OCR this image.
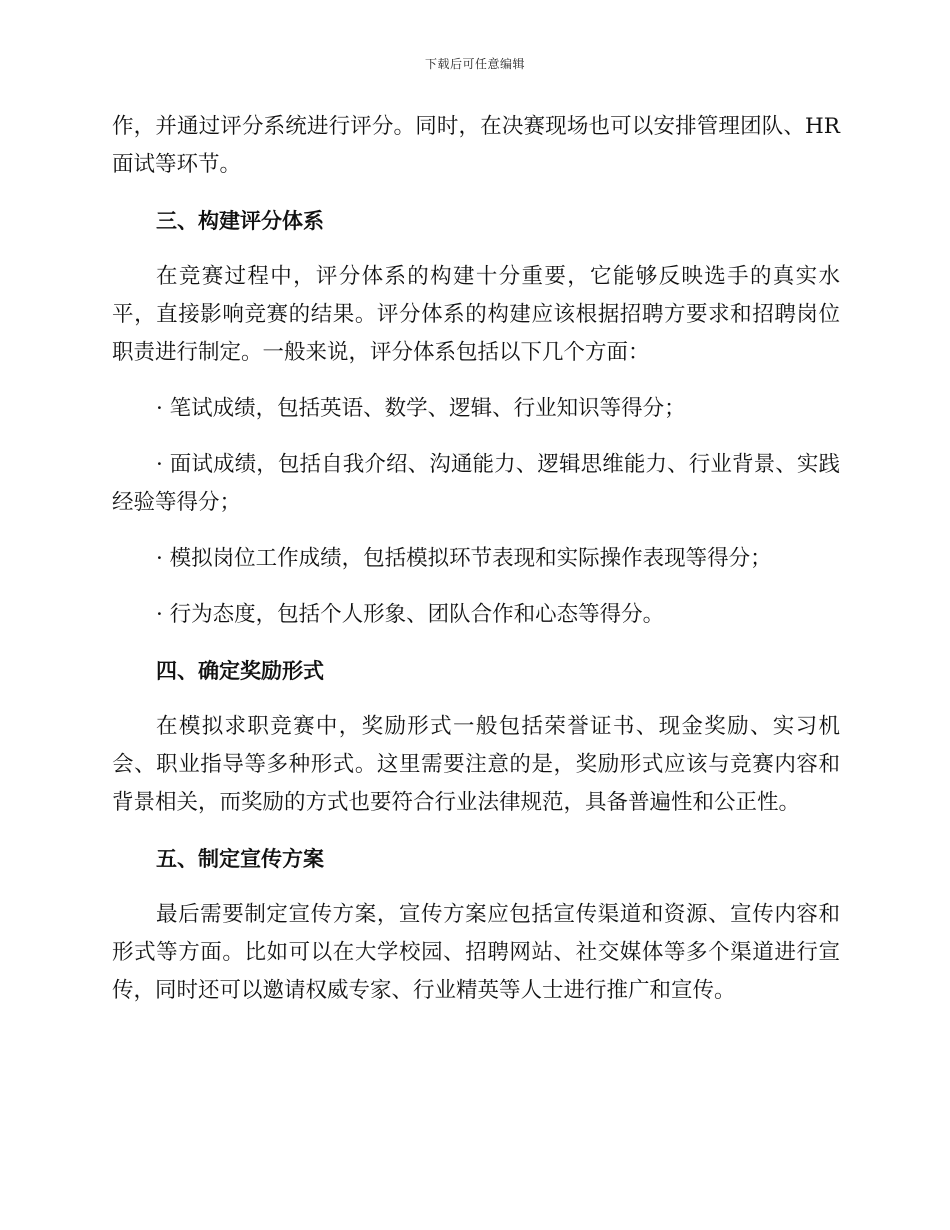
下载后可任意编辑

作，并通过评分系统进行评分。同时，在决赛现场也可以安排管理团队、HR面试等环节。

三、构建评分体系

在竞赛过程中，评分体系的构建十分重要，它能够反映选手的真实水平，直接影响竞赛的结果。评分体系的构建应该根据招聘方要求和招聘岗位职责进行制定。一般来说，评分体系包括以下几个方面：

· 笔试成绩，包括英语、数学、逻辑、行业知识等得分；

· 面试成绩，包括自我介绍、沟通能力、逻辑思维能力、行业背景、实践经验等得分；

· 模拟岗位工作成绩，包括模拟环节表现和实际操作表现等得分；

· 行为态度，包括个人形象、团队合作和心态等得分。

四、确定奖励形式

在模拟求职竞赛中，奖励形式一般包括荣誉证书、现金奖励、实习机会、职业指导等多种形式。这里需要注意的是，奖励形式应该与竞赛内容和背景相关，而奖励的方式也要符合行业法律规范，具备普遍性和公正性。

五、制定宣传方案

最后需要制定宣传方案，宣传方案应包括宣传渠道和资源、宣传内容和形式等方面。比如可以在大学校园、招聘网站、社交媒体等多个渠道进行宣传，同时还可以邀请权威专家、行业精英等人士进行推广和宣传。
